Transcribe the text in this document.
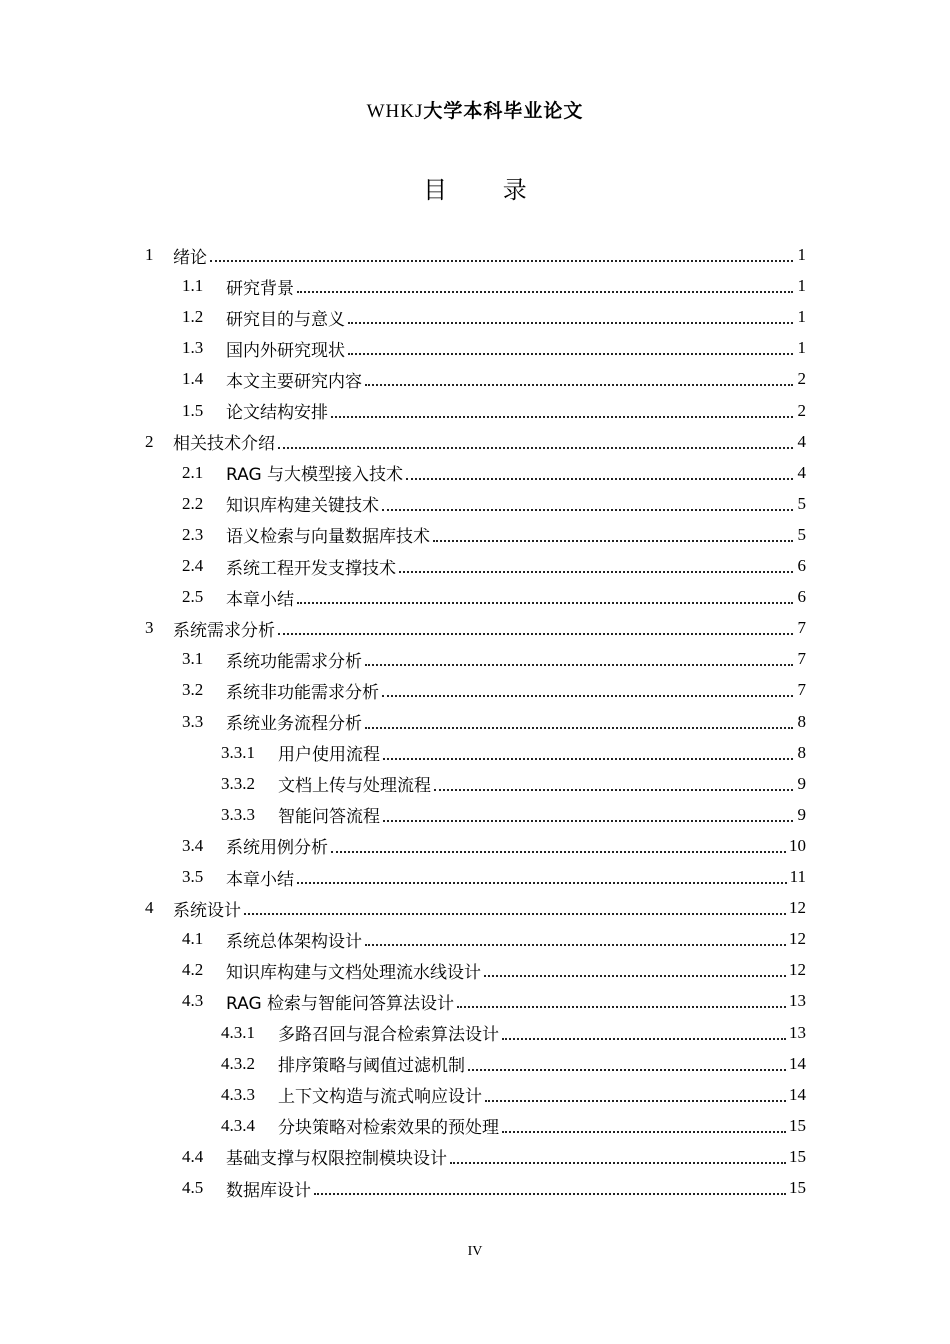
WHKJ大学本科毕业论文
目 录
1	绪论	1
1.1	研究背景	1
1.2	研究目的与意义	1
1.3	国内外研究现状	1
1.4	本文主要研究内容	2
1.5	论文结构安排	2
2	相关技术介绍	4
2.1	RAG 与大模型接入技术	4
2.2	知识库构建关键技术	5
2.3	语义检索与向量数据库技术	5
2.4	系统工程开发支撑技术	6
2.5	本章小结	6
3	系统需求分析	7
3.1	系统功能需求分析	7
3.2	系统非功能需求分析	7
3.3	系统业务流程分析	8
3.3.1	用户使用流程	8
3.3.2	文档上传与处理流程	9
3.3.3	智能问答流程	9
3.4	系统用例分析	10
3.5	本章小结	11
4	系统设计	12
4.1	系统总体架构设计	12
4.2	知识库构建与文档处理流水线设计	12
4.3	RAG 检索与智能问答算法设计	13
4.3.1	多路召回与混合检索算法设计	13
4.3.2	排序策略与阈值过滤机制	14
4.3.3	上下文构造与流式响应设计	14
4.3.4	分块策略对检索效果的预处理	15
4.4	基础支撑与权限控制模块设计	15
4.5	数据库设计	15
IV
